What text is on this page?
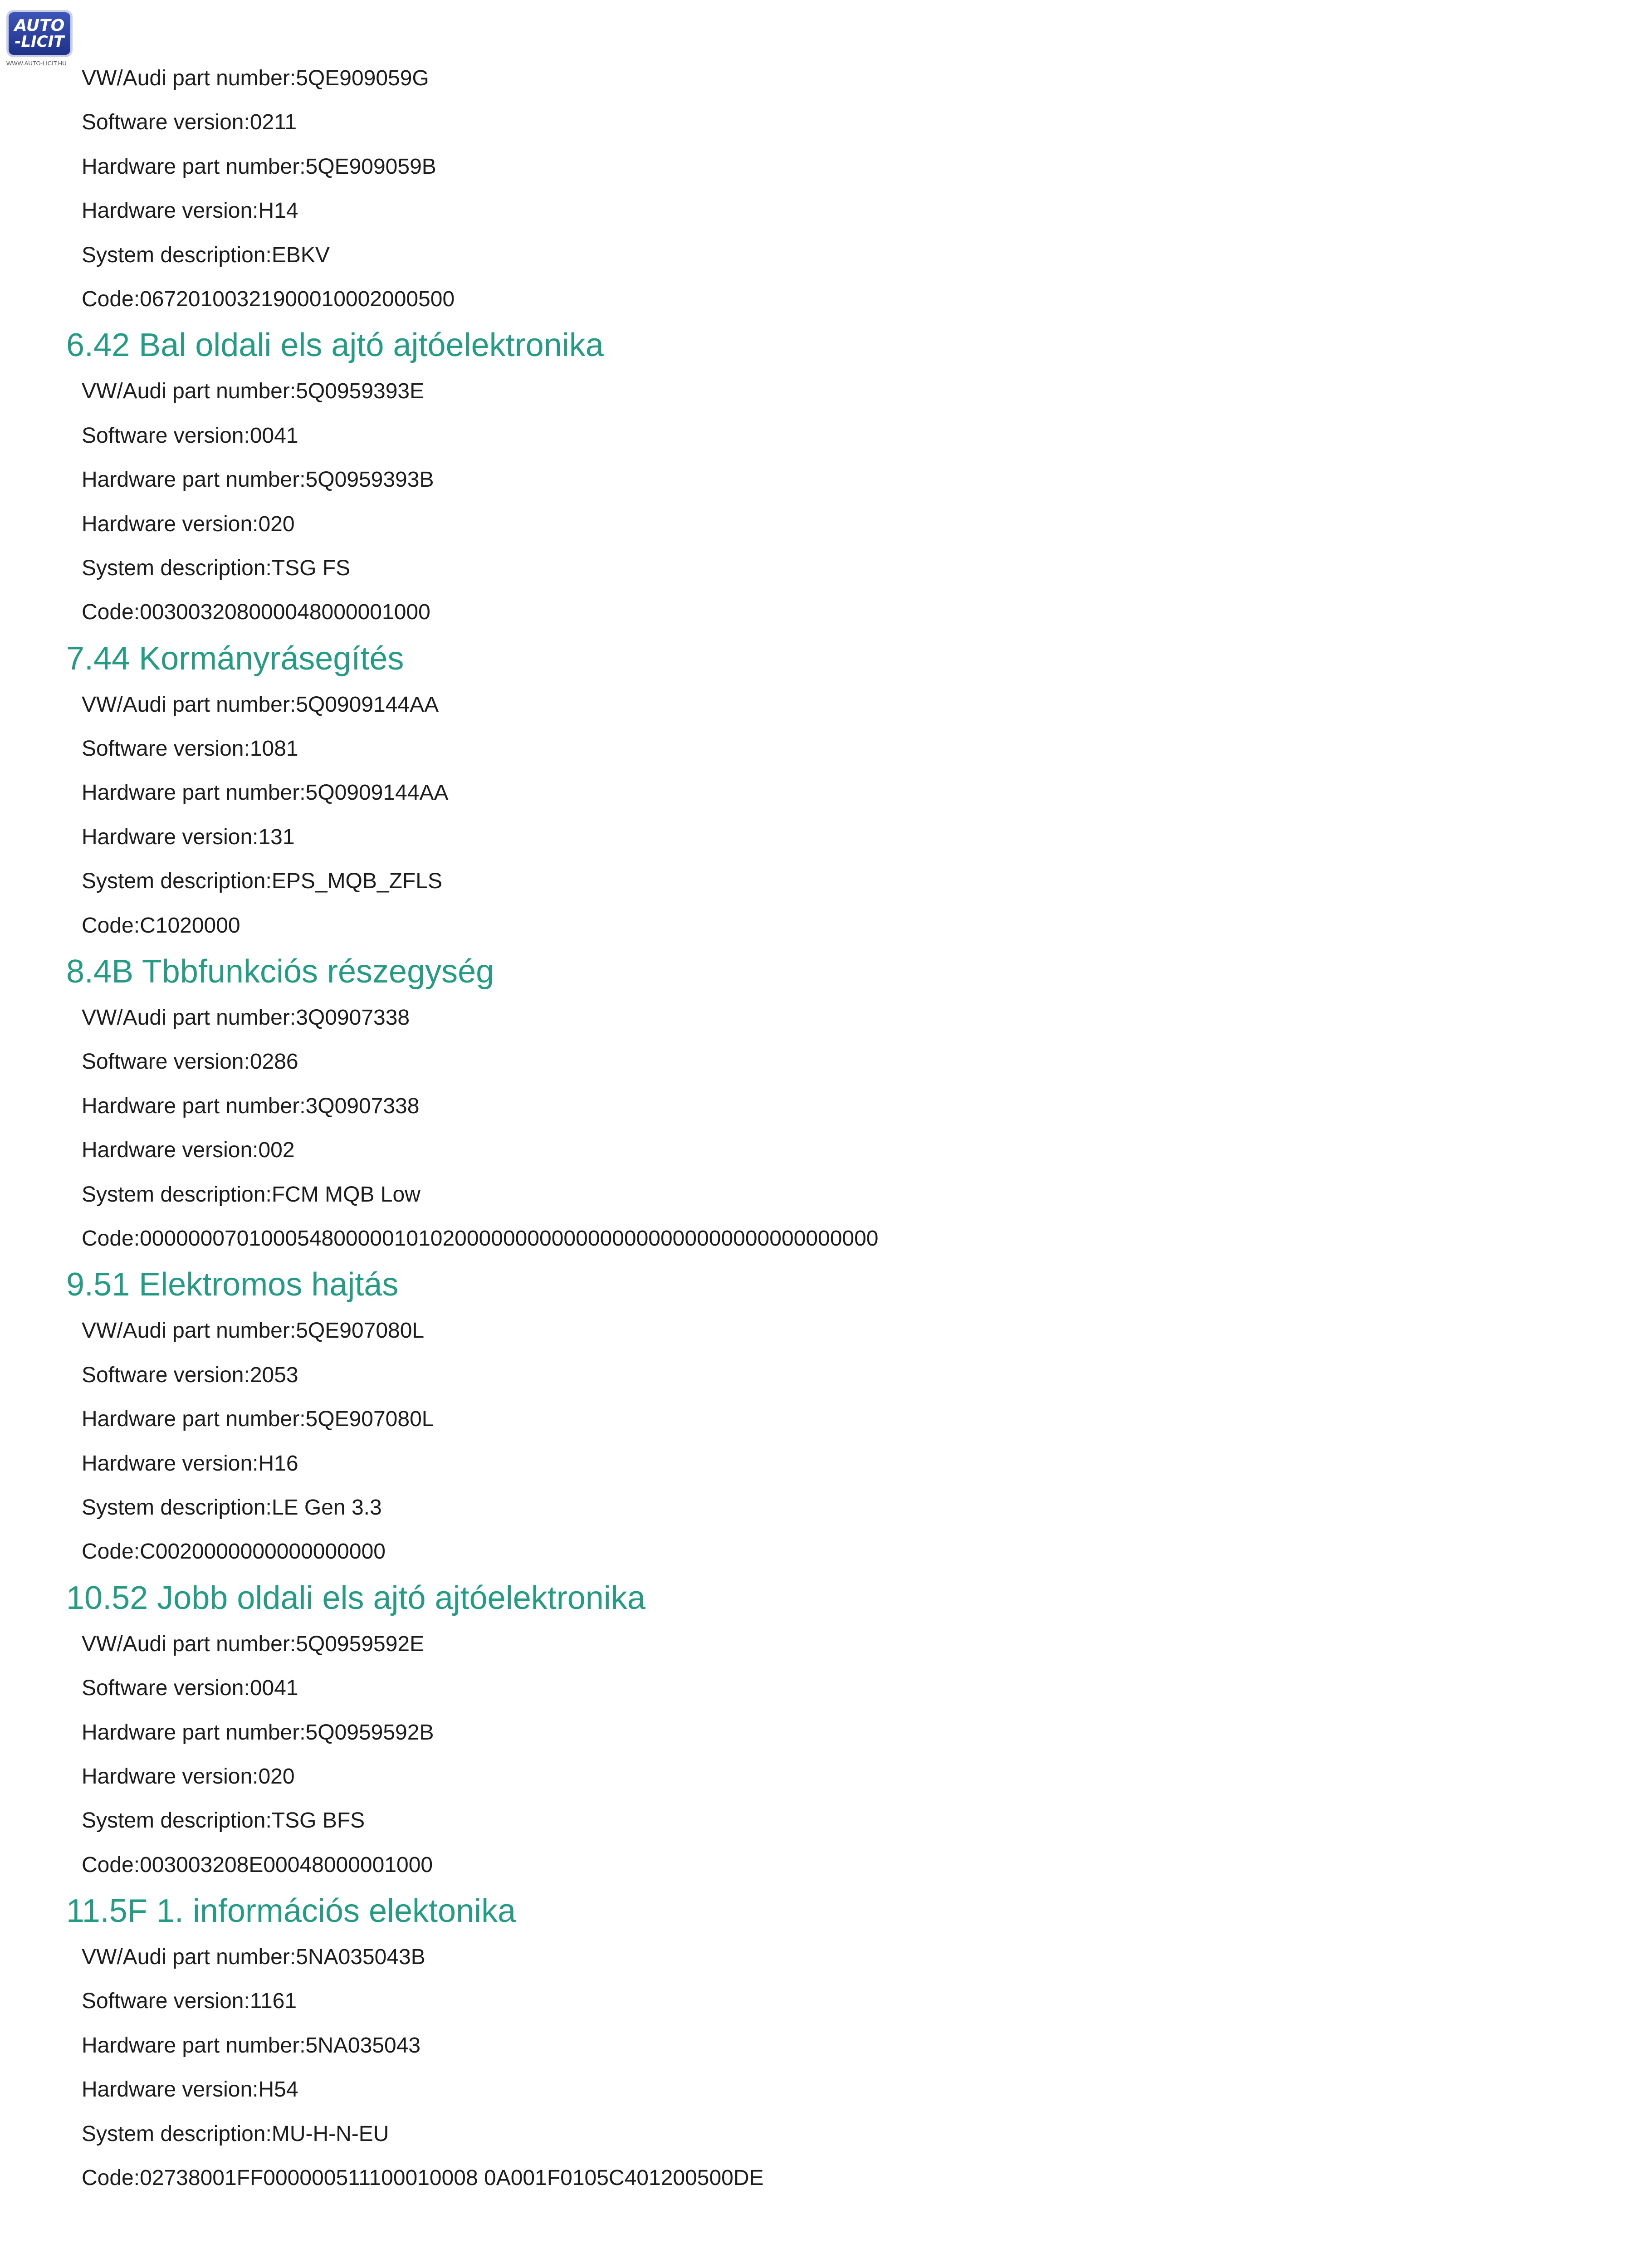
AUTO
-LICIT
WWW.AUTO-LICIT.HU
VW/Audi part number:5QE909059G
Software version:0211
Hardware part number:5QE909059B
Hardware version:H14
System description:EBKV
Code:06720100321900010002000500
6.42 Bal oldali els ajtó ajtóelektronika
VW/Audi part number:5Q0959393E
Software version:0041
Hardware part number:5Q0959393B
Hardware version:020
System description:TSG FS
Code:003003208000048000001000
7.44 Kormányrásegítés
VW/Audi part number:5Q0909144AA
Software version:1081
Hardware part number:5Q0909144AA
Hardware version:131
System description:EPS_MQB_ZFLS
Code:C1020000
8.4B Tbbfunkciós részegység
VW/Audi part number:3Q0907338
Software version:0286
Hardware part number:3Q0907338
Hardware version:002
System description:FCM MQB Low
Code:0000000701000548000001010200000000000000000000000000000000000
9.51 Elektromos hajtás
VW/Audi part number:5QE907080L
Software version:2053
Hardware part number:5QE907080L
Hardware version:H16
System description:LE Gen 3.3
Code:C0020000000000000000
10.52 Jobb oldali els ajtó ajtóelektronika
VW/Audi part number:5Q0959592E
Software version:0041
Hardware part number:5Q0959592B
Hardware version:020
System description:TSG BFS
Code:003003208E00048000001000
11.5F 1. információs elektonika
VW/Audi part number:5NA035043B
Software version:1161
Hardware part number:5NA035043
Hardware version:H54
System description:MU-H-N-EU
Code:02738001FF000000511100010008 0A001F0105C401200500DE
